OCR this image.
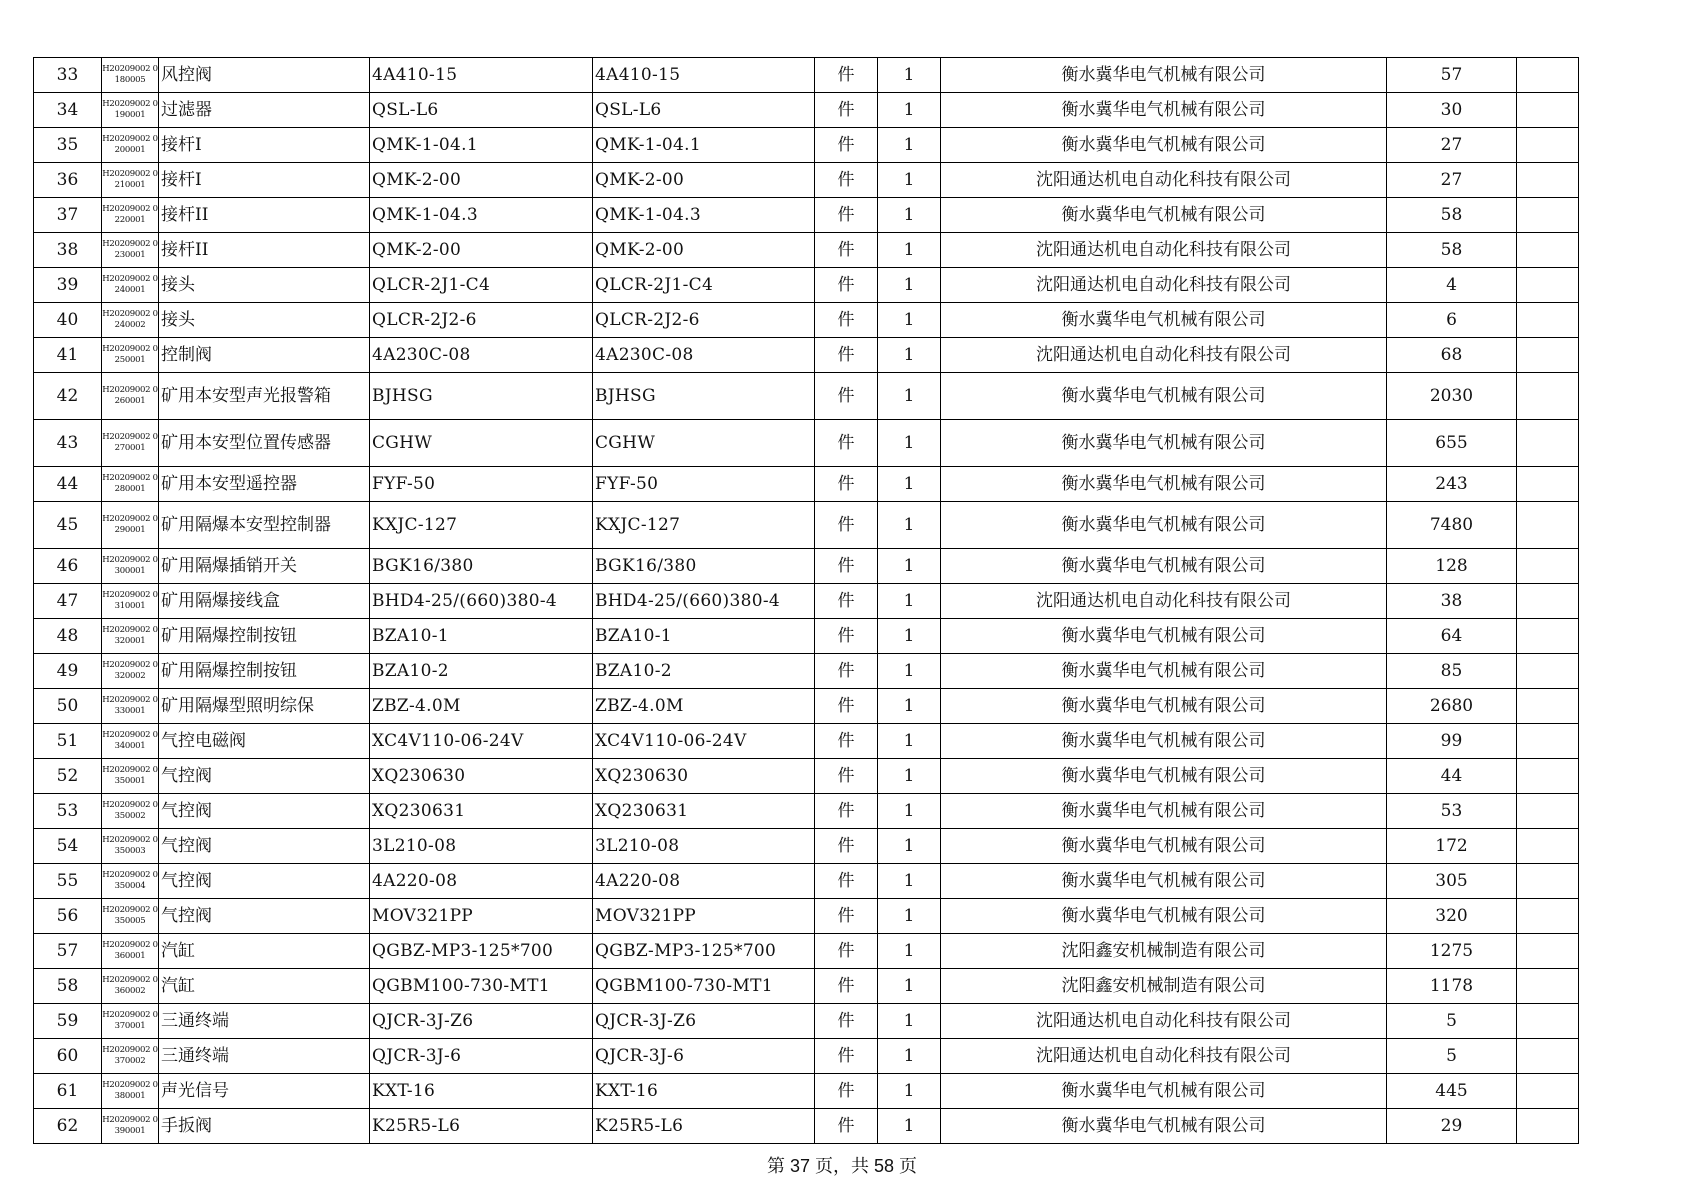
33	H20209002 0180005	风控阀	4A410-15	4A410-15	件	1	衡水冀华电气机械有限公司	57	
34	H20209002 0190001	过滤器	QSL-L6	QSL-L6	件	1	衡水冀华电气机械有限公司	30	
35	H20209002 0200001	接杆I	QMK-1-04.1	QMK-1-04.1	件	1	衡水冀华电气机械有限公司	27	
36	H20209002 0210001	接杆I	QMK-2-00	QMK-2-00	件	1	沈阳通达机电自动化科技有限公司	27	
37	H20209002 0220001	接杆II	QMK-1-04.3	QMK-1-04.3	件	1	衡水冀华电气机械有限公司	58	
38	H20209002 0230001	接杆II	QMK-2-00	QMK-2-00	件	1	沈阳通达机电自动化科技有限公司	58	
39	H20209002 0240001	接头	QLCR-2J1-C4	QLCR-2J1-C4	件	1	沈阳通达机电自动化科技有限公司	4	
40	H20209002 0240002	接头	QLCR-2J2-6	QLCR-2J2-6	件	1	衡水冀华电气机械有限公司	6	
41	H20209002 0250001	控制阀	4A230C-08	4A230C-08	件	1	沈阳通达机电自动化科技有限公司	68	
42	H20209002 0260001	矿用本安型声光报警箱	BJHSG	BJHSG	件	1	衡水冀华电气机械有限公司	2030	
43	H20209002 0270001	矿用本安型位置传感器	CGHW	CGHW	件	1	衡水冀华电气机械有限公司	655	
44	H20209002 0280001	矿用本安型遥控器	FYF-50	FYF-50	件	1	衡水冀华电气机械有限公司	243	
45	H20209002 0290001	矿用隔爆本安型控制器	KXJC-127	KXJC-127	件	1	衡水冀华电气机械有限公司	7480	
46	H20209002 0300001	矿用隔爆插销开关	BGK16/380	BGK16/380	件	1	衡水冀华电气机械有限公司	128	
47	H20209002 0310001	矿用隔爆接线盒	BHD4-25/(660)380-4	BHD4-25/(660)380-4	件	1	沈阳通达机电自动化科技有限公司	38	
48	H20209002 0320001	矿用隔爆控制按钮	BZA10-1	BZA10-1	件	1	衡水冀华电气机械有限公司	64	
49	H20209002 0320002	矿用隔爆控制按钮	BZA10-2	BZA10-2	件	1	衡水冀华电气机械有限公司	85	
50	H20209002 0330001	矿用隔爆型照明综保	ZBZ-4.0M	ZBZ-4.0M	件	1	衡水冀华电气机械有限公司	2680	
51	H20209002 0340001	气控电磁阀	XC4V110-06-24V	XC4V110-06-24V	件	1	衡水冀华电气机械有限公司	99	
52	H20209002 0350001	气控阀	XQ230630	XQ230630	件	1	衡水冀华电气机械有限公司	44	
53	H20209002 0350002	气控阀	XQ230631	XQ230631	件	1	衡水冀华电气机械有限公司	53	
54	H20209002 0350003	气控阀	3L210-08	3L210-08	件	1	衡水冀华电气机械有限公司	172	
55	H20209002 0350004	气控阀	4A220-08	4A220-08	件	1	衡水冀华电气机械有限公司	305	
56	H20209002 0350005	气控阀	MOV321PP	MOV321PP	件	1	衡水冀华电气机械有限公司	320	
57	H20209002 0360001	汽缸	QGBZ-MP3-125*700	QGBZ-MP3-125*700	件	1	沈阳鑫安机械制造有限公司	1275	
58	H20209002 0360002	汽缸	QGBM100-730-MT1	QGBM100-730-MT1	件	1	沈阳鑫安机械制造有限公司	1178	
59	H20209002 0370001	三通终端	QJCR-3J-Z6	QJCR-3J-Z6	件	1	沈阳通达机电自动化科技有限公司	5	
60	H20209002 0370002	三通终端	QJCR-3J-6	QJCR-3J-6	件	1	沈阳通达机电自动化科技有限公司	5	
61	H20209002 0380001	声光信号	KXT-16	KXT-16	件	1	衡水冀华电气机械有限公司	445	
62	H20209002 0390001	手扳阀	K25R5-L6	K25R5-L6	件	1	衡水冀华电气机械有限公司	29	
第 37 页，共 58 页
